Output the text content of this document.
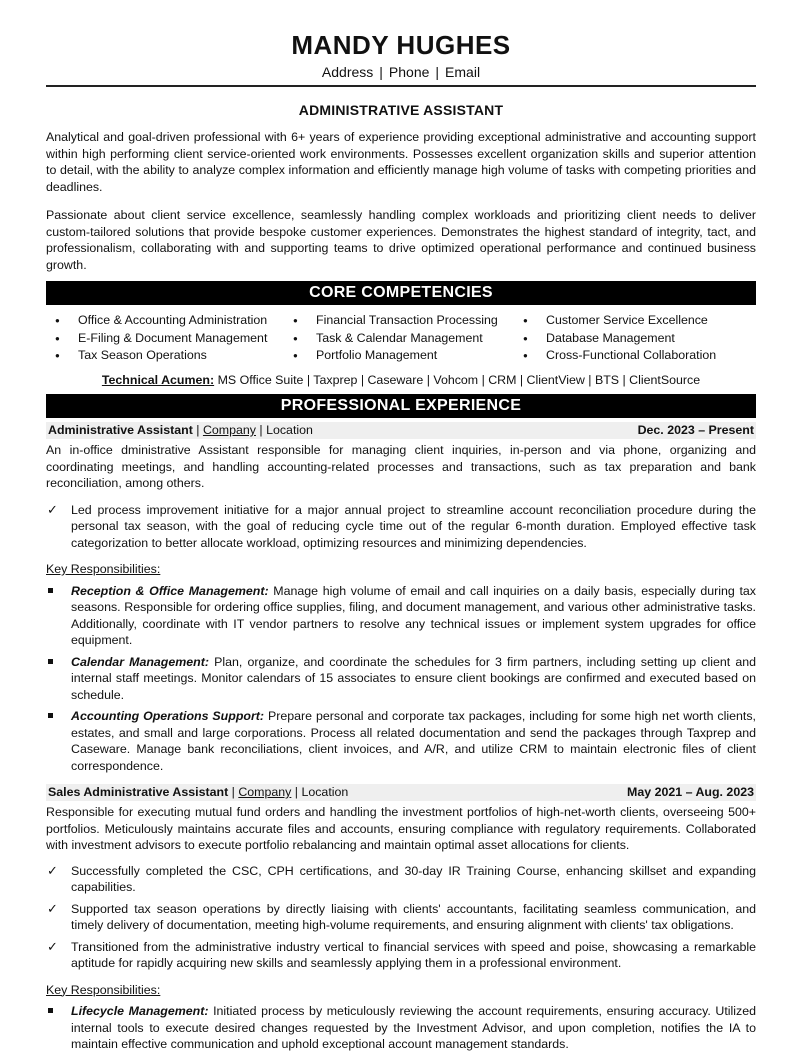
MANDY HUGHES
Address | Phone | Email
ADMINISTRATIVE ASSISTANT

Analytical and goal-driven professional with 6+ years of experience providing exceptional administrative and accounting support within high performing client service-oriented work environments. Possesses excellent organization skills and superior attention to detail, with the ability to analyze complex information and efficiently manage high volume of tasks with competing priorities and deadlines.

Passionate about client service excellence, seamlessly handling complex workloads and prioritizing client needs to deliver custom-tailored solutions that provide bespoke customer experiences. Demonstrates the highest standard of integrity, tact, and professionalism, collaborating with and supporting teams to drive optimized operational performance and continued business growth.

CORE COMPETENCIES
● Office & Accounting Administration
● E-Filing & Document Management
● Tax Season Operations
● Financial Transaction Processing
● Task & Calendar Management
● Portfolio Management
● Customer Service Excellence
● Database Management
● Cross-Functional Collaboration
Technical Acumen: MS Office Suite | Taxprep | Caseware | Vohcom | CRM | ClientView | BTS | ClientSource
PROFESSIONAL EXPERIENCE
Administrative Assistant | Company | Location	Dec. 2023 – Present

An in-office dministrative Assistant responsible for managing client inquiries, in-person and via phone, organizing and coordinating meetings, and handling accounting-related processes and transactions, such as tax preparation and bank reconciliation, among others.

✓ Led process improvement initiative for a major annual project to streamline account reconciliation procedure during the personal tax season, with the goal of reducing cycle time out of the regular 6-month duration. Employed effective task categorization to better allocate workload, optimizing resources and minimizing dependencies.
Key Responsibilities:
Reception & Office Management: Manage high volume of email and call inquiries on a daily basis, especially during tax seasons. Responsible for ordering office supplies, filing, and document management, and various other administrative tasks. Additionally, coordinate with IT vendor partners to resolve any technical issues or implement system upgrades for office equipment.
Calendar Management: Plan, organize, and coordinate the schedules for 3 firm partners, including setting up client and internal staff meetings. Monitor calendars of 15 associates to ensure client bookings are confirmed and executed based on schedule.
Accounting Operations Support: Prepare personal and corporate tax packages, including for some high net worth clients, estates, and small and large corporations. Process all related documentation and send the packages through Taxprep and Caseware. Manage bank reconciliations, client invoices, and A/R, and utilize CRM to maintain electronic files of client correspondence.
Sales Administrative Assistant | Company | Location	May 2021 – Aug. 2023

Responsible for executing mutual fund orders and handling the investment portfolios of high-net-worth clients, overseeing 500+ portfolios. Meticulously maintains accurate files and accounts, ensuring compliance with regulatory requirements. Collaborated with investment advisors to execute portfolio rebalancing and maintain optimal asset allocations for clients.

✓ Successfully completed the CSC, CPH certifications, and 30-day IR Training Course, enhancing skillset and expanding capabilities.
✓ Supported tax season operations by directly liaising with clients' accountants, facilitating seamless communication, and timely delivery of documentation, meeting high-volume requirements, and ensuring alignment with clients' tax obligations.
✓ Transitioned from the administrative industry vertical to financial services with speed and poise, showcasing a remarkable aptitude for rapidly acquiring new skills and seamlessly applying them in a professional environment.
Key Responsibilities:
Lifecycle Management: Initiated process by meticulously reviewing the account requirements, ensuring accuracy. Utilized internal tools to execute desired changes requested by the Investment Advisor, and upon completion, notifies the IA to maintain effective communication and uphold exceptional account management standards.
